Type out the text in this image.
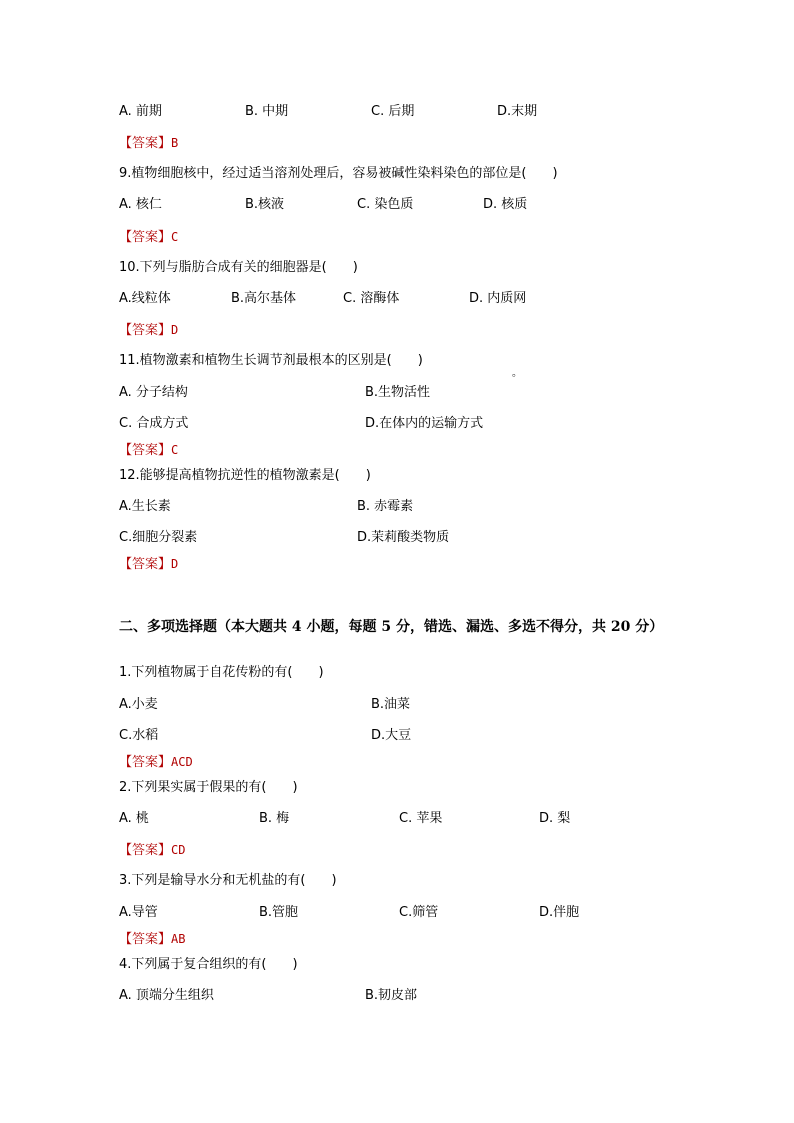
A. 前期	B. 中期	C. 后期	D.末期
【答案】B
9.植物细胞核中，经过适当溶剂处理后，容易被碱性染料染色的部位是(　　)
A. 核仁	B.核液	C. 染色质	D. 核质
【答案】C
10.下列与脂肪合成有关的细胞器是(　　)
A.线粒体	B.高尔基体	C. 溶酶体	D. 内质网
【答案】D
11.植物激素和植物生长调节剂最根本的区别是(　　)
。
A. 分子结构	B.生物活性
C. 合成方式	D.在体内的运输方式
【答案】C
12.能够提高植物抗逆性的植物激素是(　　)
A.生长素	B. 赤霉素
C.细胞分裂素	D.茉莉酸类物质
【答案】D
二、多项选择题（本大题共 4 小题，每题 5 分，错选、漏选、多选不得分，共 20 分）
1.下列植物属于自花传粉的有(　　)
A.小麦	B.油菜
C.水稻	D.大豆
【答案】ACD
2.下列果实属于假果的有(　　)
A. 桃	B. 梅	C. 苹果	D. 梨
【答案】CD
3.下列是输导水分和无机盐的有(　　)
A.导管	B.管胞	C.筛管	D.伴胞
【答案】AB
4.下列属于复合组织的有(　　)
A. 顶端分生组织	B.韧皮部
